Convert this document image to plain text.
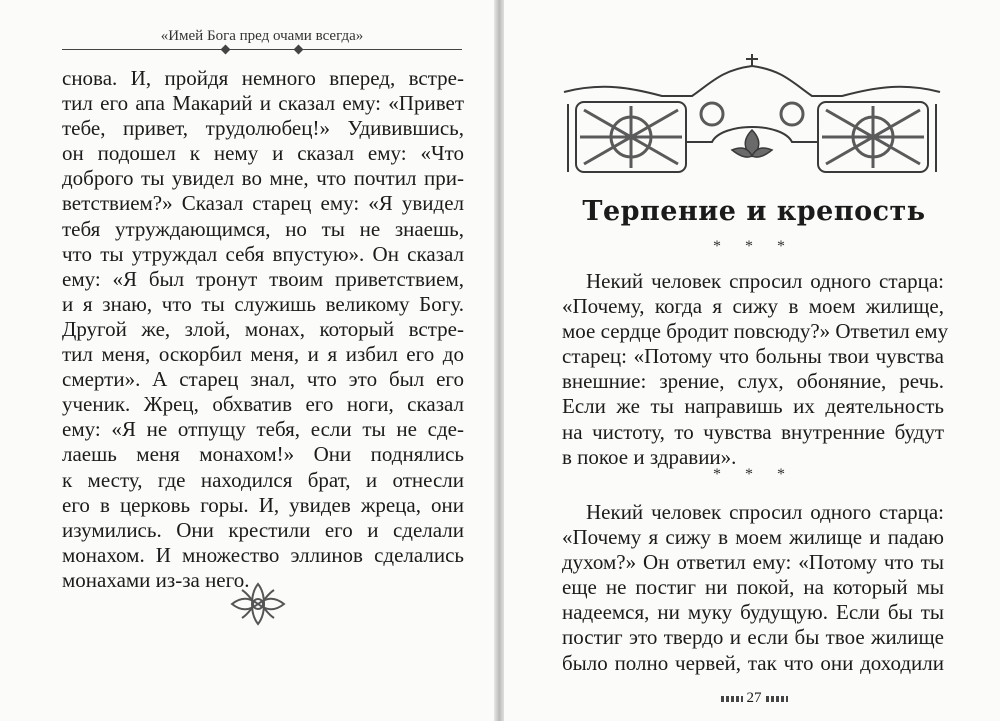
«Имей Бога пред очами всегда»
снова. И, пройдя немного вперед, встре-
тил его апа Макарий и сказал ему: «Привет
тебе, привет, трудолюбец!» Удивившись,
он подошел к нему и сказал ему: «Что
доброго ты увидел во мне, что почтил при-
ветствием?» Сказал старец ему: «Я увидел
тебя утруждающимся, но ты не знаешь,
что ты утруждал себя впустую». Он сказал
ему: «Я был тронут твоим приветствием,
и я знаю, что ты служишь великому Богу.
Другой же, злой, монах, который встре-
тил меня, оскорбил меня, и я избил его до
смерти». А старец знал, что это был его
ученик. Жрец, обхватив его ноги, сказал
ему: «Я не отпущу тебя, если ты не сде-
лаешь меня монахом!» Они поднялись
к месту, где находился брат, и отнесли
его в церковь горы. И, увидев жреца, они
изумились. Они крестили его и сделали
монахом. И множество эллинов сделались
монахами из-за него.
Терпение и крепость
* * *
Некий человек спросил одного старца:
«Почему, когда я сижу в моем жилище,
мое сердце бродит повсюду?» Ответил ему
старец: «Потому что больны твои чувства
внешние: зрение, слух, обоняние, речь.
Если же ты направишь их деятельность
на чистоту, то чувства внутренние будут
в покое и здравии».
* * *
Некий человек спросил одного старца:
«Почему я сижу в моем жилище и падаю
духом?» Он ответил ему: «Потому что ты
еще не постиг ни покой, на который мы
надеемся, ни муку будущую. Если бы ты
постиг это твердо и если бы твое жилище
было полно червей, так что они доходили
27
